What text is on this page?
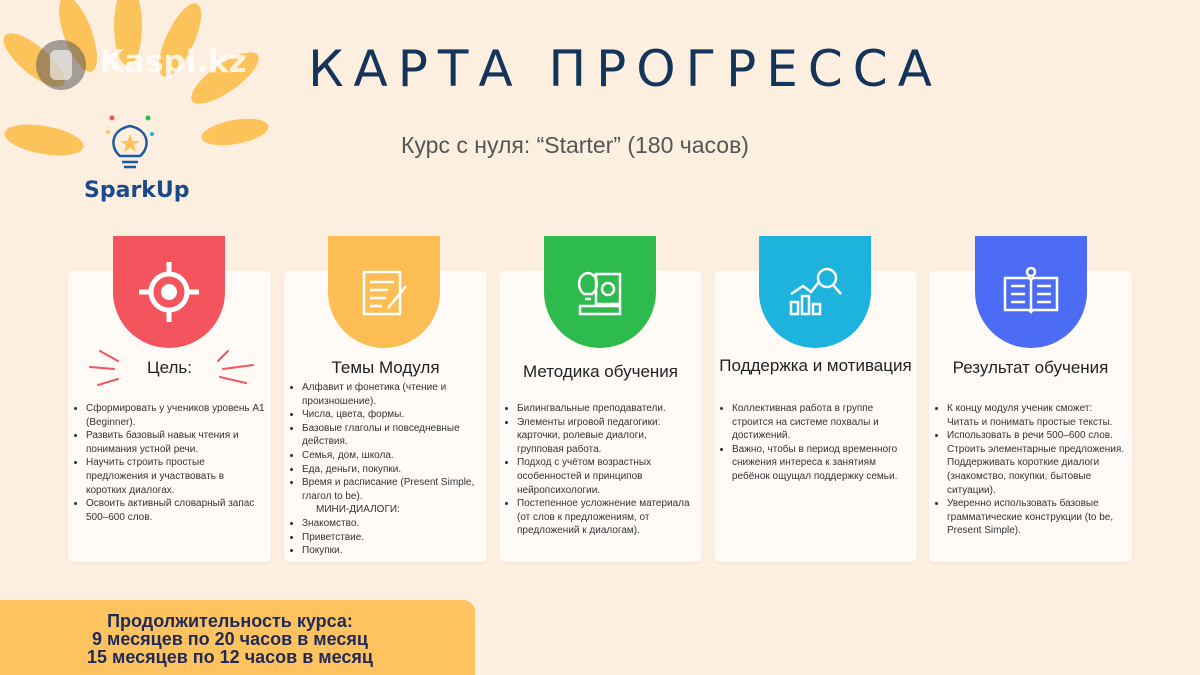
Kaspi.kz
SparkUp
КАРТА ПРОГРЕССА
Курс с нуля: “Starter” (180 часов)
Цель:
• Сформировать у учеников уровень А1 (Beginner).
• Развить базовый навык чтения и понимания устной речи.
• Научить строить простые предложения и участвовать в коротких диалогах.
• Освоить активный словарный запас 500–600 слов.
Темы Модуля
• Алфавит и фонетика (чтение и произношение).
• Числа, цвета, формы.
• Базовые глаголы и повседневные действия.
• Семья, дом, школа.
• Еда, деньги, покупки.
• Время и расписание (Present Simple, глагол to be).
МИНИ-ДИАЛОГИ:
• Знакомство.
• Приветствие.
• Покупки.
Методика обучения
• Билингвальные преподаватели.
• Элементы игровой педагогики: карточки, ролевые диалоги, групповая работа.
• Подход с учётом возрастных особенностей и принципов нейропсихологии.
• Постепенное усложнение материала (от слов к предложениям, от предложений к диалогам).
Поддержка и мотивация
• Коллективная работа в группе строится на системе похвалы и достижений.
• Важно, чтобы в период временного снижения интереса к занятиям ребёнок ощущал поддержку семьи.
Результат обучения
• К концу модуля ученик сможет: Читать и понимать простые тексты.
• Использовать в речи 500–600 слов. Строить элементарные предложения. Поддерживать короткие диалоги (знакомство, покупки, бытовые ситуации).
• Уверенно использовать базовые грамматические конструкции (to be, Present Simple).
Продолжительность курса:
9 месяцев по 20 часов в месяц
15 месяцев по 12 часов в месяц
